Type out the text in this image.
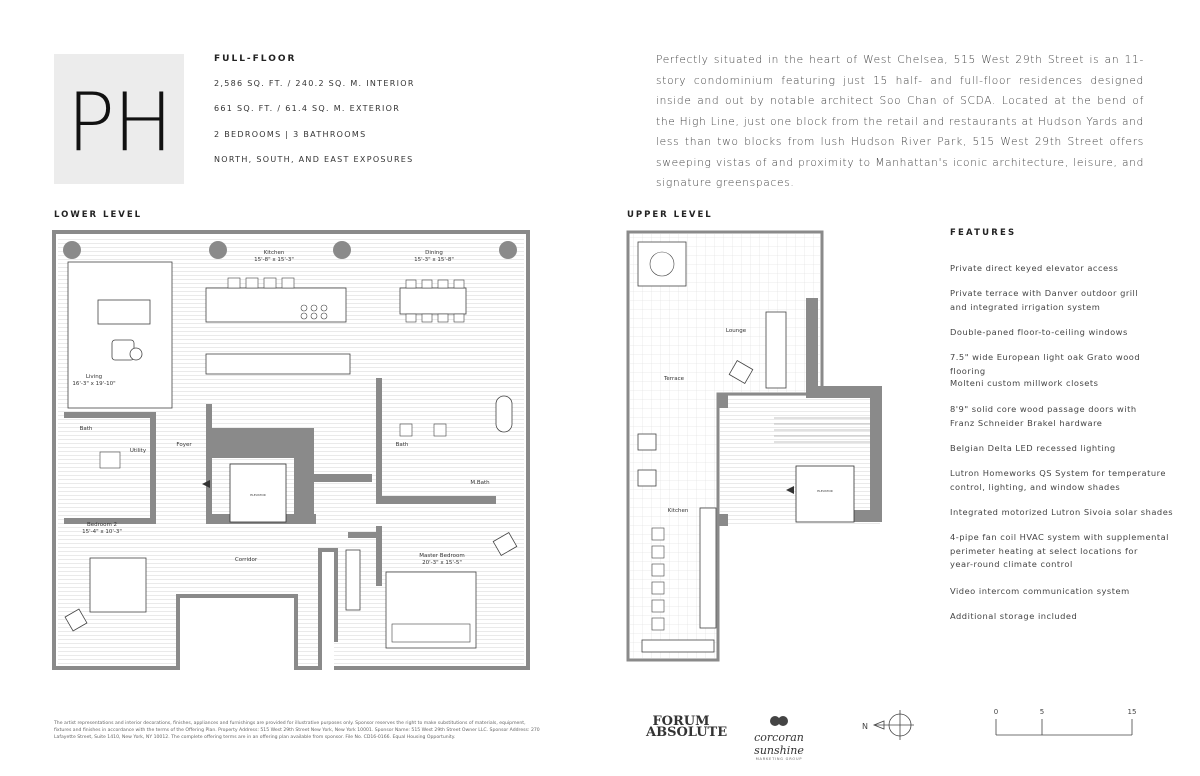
PH
FULL-FLOOR
2,586 SQ. FT. / 240.2 SQ. M. INTERIOR
661 SQ. FT. / 61.4 SQ. M. EXTERIOR
2 BEDROOMS | 3 BATHROOMS
NORTH, SOUTH, AND EAST EXPOSURES
Perfectly situated in the heart of West Chelsea, 515 West 29th Street is an 11-story condominium featuring just 15 half- and full-floor residences designed inside and out by notable architect Soo Chan of SCDA. Located at the bend of the High Line, just one block from the retail and restaurants at Hudson Yards and less than two blocks from lush Hudson River Park, 515 West 29th Street offers sweeping vistas of and proximity to Manhattan's iconic architecture, leisure, and signature greenspaces.
LOWER LEVEL	UPPER LEVEL
ELEVATOR
Kitchen
15'-8" x 15'-3"
Dining
15'-3" x 15'-8"
Living
16'-3" x 19'-10"
Bath
Utility
Foyer	Bath
M.Bath
Bedroom 2
15'-4" x 10'-3"
Corridor
Master Bedroom
20'-3" x 15'-5"
ELEVATOR
Lounge
Terrace
Kitchen
FEATURES
Private direct keyed elevator access
Private terrace with Danver outdoor grill
and integrated irrigation system
Double-paned floor-to-ceiling windows
7.5" wide European light oak Grato wood flooring
Molteni custom millwork closets
8'9" solid core wood passage doors with
Franz Schneider Brakel hardware
Belgian Delta LED recessed lighting
Lutron Homeworks QS System for temperature
control, lighting, and window shades
Integrated motorized Lutron Sivoia solar shades
4-pipe fan coil HVAC system with supplemental
perimeter heating at select locations for
year-round climate control
Video intercom communication system
Additional storage included
The artist representations and interior decorations, finishes, appliances and furnishings are provided for illustrative purposes only. Sponsor reserves the right to make substitutions of materials, equipment, fixtures and finishes in accordance with the terms of the Offering Plan. Property Address: 515 West 29th Street New York, New York 10001. Sponsor Name: 515 West 29th Street Owner LLC. Sponsor Address: 270 Lafayette Street, Suite 1410, New York, NY 10012. The complete offering terms are in an offering plan available from sponsor. File No. CD16-0166. Equal Housing Opportunity.
FORUM
ABSOLUTE	corcoran sunshine
MARKETING GROUP
N
0	5	15
